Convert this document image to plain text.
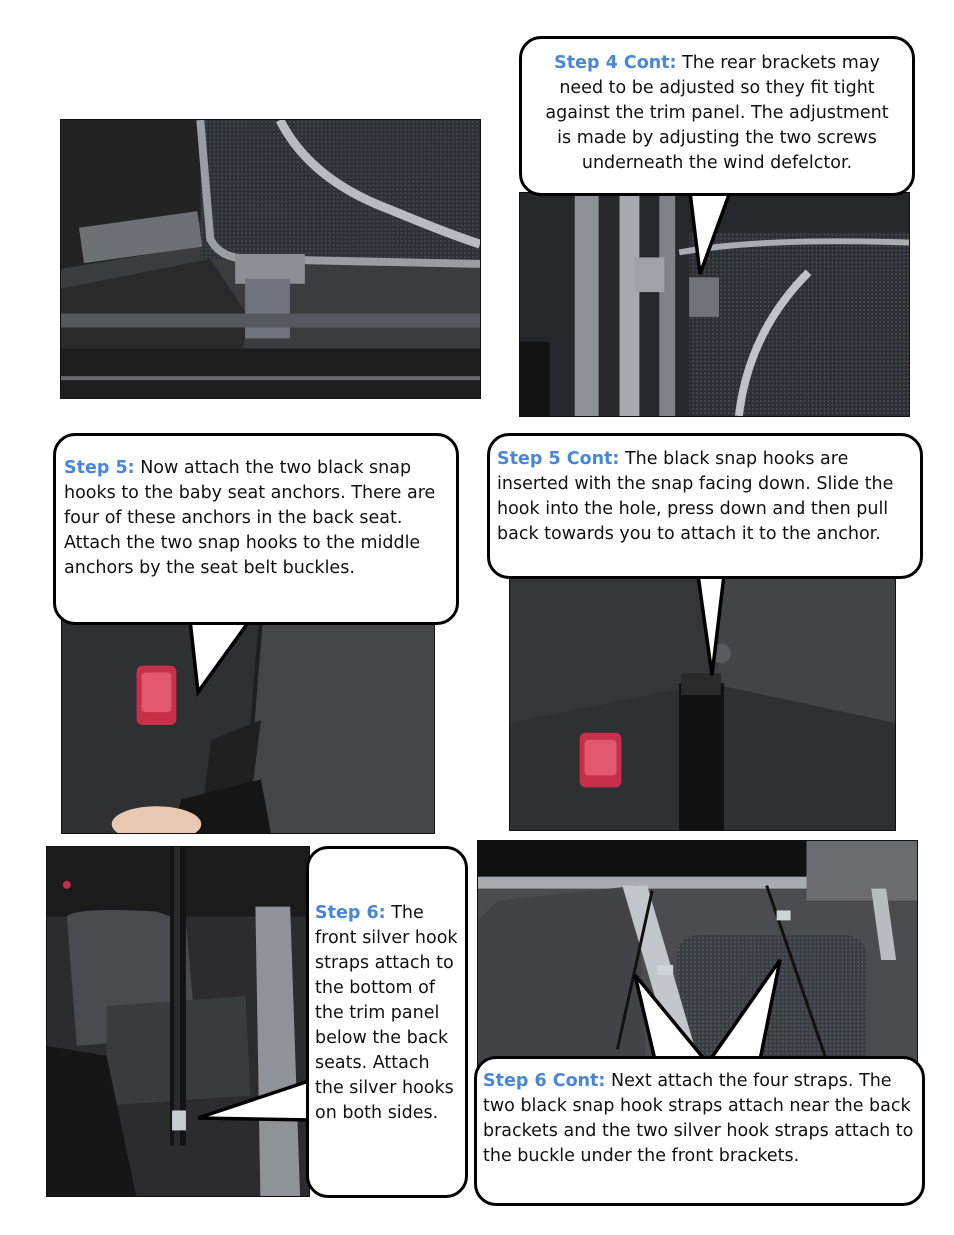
Step 4 Cont: The rear brackets may need to be adjusted so they fit tight against the trim panel. The adjustment is made by adjusting the two screws underneath the wind defelctor.

Step 5: Now attach the two black snap hooks to the baby seat anchors. There are four of these anchors in the back seat. Attach the two snap hooks to the middle anchors by the seat belt buckles.

Step 5 Cont: The black snap hooks are inserted with the snap facing down. Slide the hook into the hole, press down and then pull back towards you to attach it to the anchor.

Step 6: The front silver hook straps attach to the bottom of the trim panel below the back seats. Attach the silver hooks on both sides.

Step 6 Cont: Next attach the four straps. The two black snap hook straps attach near the back brackets and the two silver hook straps attach to the buckle under the front brackets.
